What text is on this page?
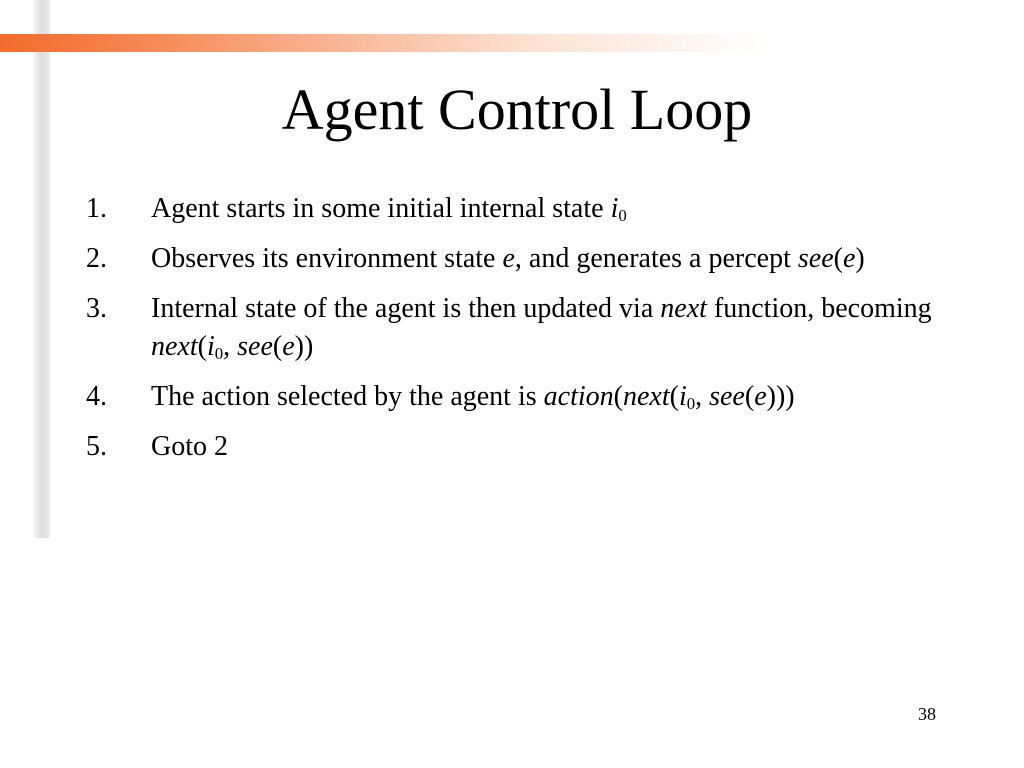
Agent Control Loop
1. Agent starts in some initial internal state $i_0$
2. Observes its environment state e, and generates a percept see(e)
3. Internal state of the agent is then updated via next function, becoming $next(i_0$, see(e))
4. The action selected by the agent is $action(next(i_0$, see(e)))
5. Goto 2
38
